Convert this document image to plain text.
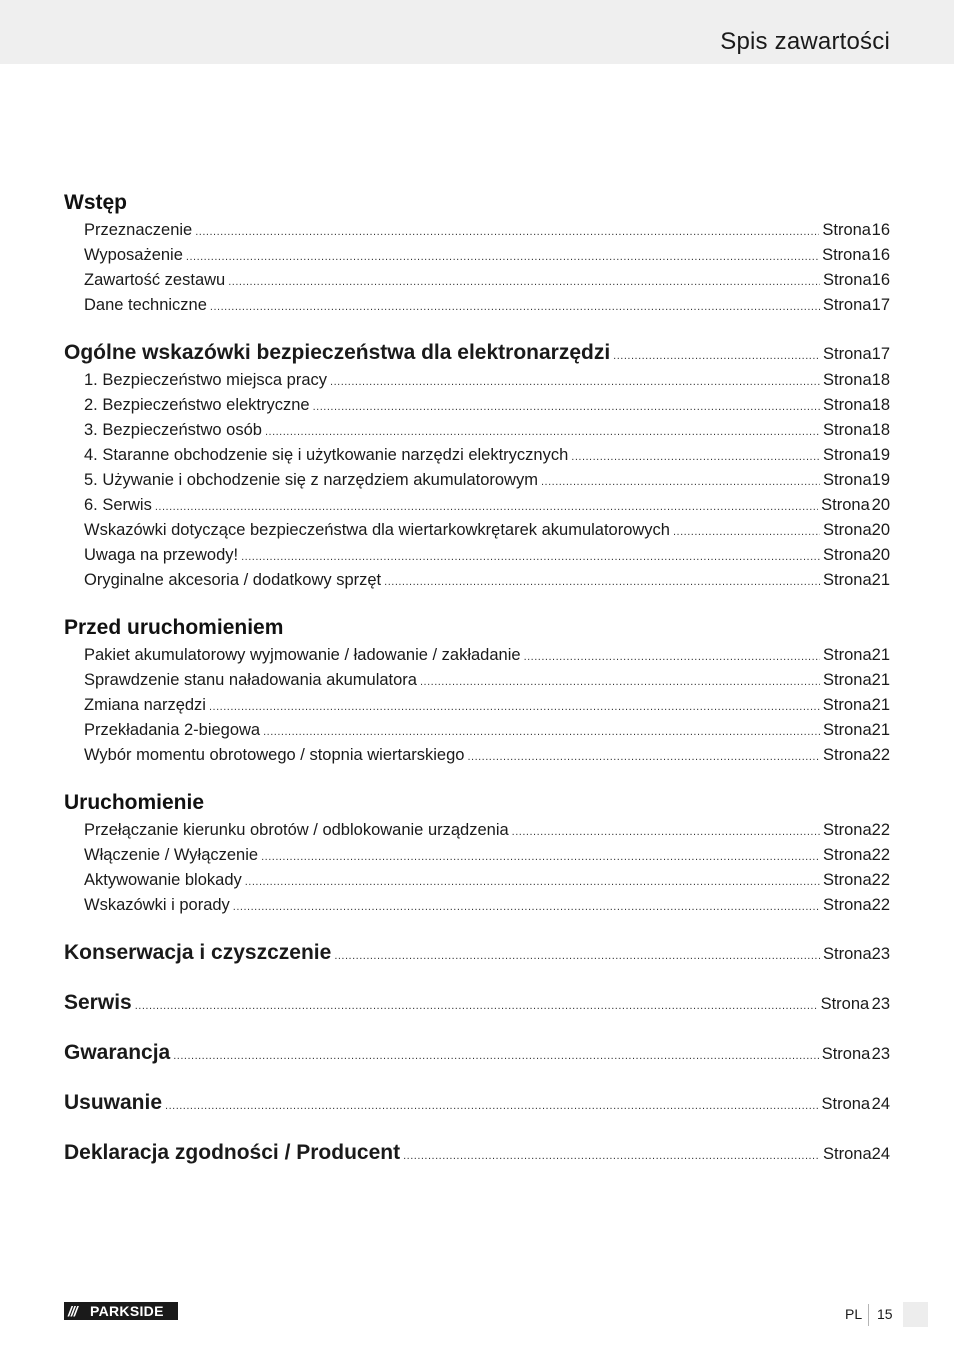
Spis zawartości
Wstęp
Przeznaczenie .....	Strona 16
Wyposażenie .....	Strona 16
Zawartość zestawu .....	Strona 16
Dane techniczne .....	Strona 17
Ogólne wskazówki bezpieczeństwa dla elektronarzędzi .....	Strona 17
1. Bezpieczeństwo miejsca pracy .....	Strona 18
2. Bezpieczeństwo elektryczne .....	Strona 18
3. Bezpieczeństwo osób .....	Strona 18
4. Staranne obchodzenie się i użytkowanie narzędzi elektrycznych .....	Strona 19
5. Używanie i obchodzenie się z narzędziem akumulatorowym .....	Strona 19
6. Serwis .....	Strona 20
Wskazówki dotyczące bezpieczeństwa dla wiertarkowkrętarek akumulatorowych .....	Strona 20
Uwaga na przewody! .....	Strona 20
Oryginalne akcesoria / dodatkowy sprzęt .....	Strona 21
Przed uruchomieniem
Pakiet akumulatorowy wyjmowanie / ładowanie / zakładanie .....	Strona 21
Sprawdzenie stanu naładowania akumulatora .....	Strona 21
Zmiana narzędzi .....	Strona 21
Przekładania 2-biegowa .....	Strona 21
Wybór momentu obrotowego / stopnia wiertarskiego .....	Strona 22
Uruchomienie
Przełączanie kierunku obrotów / odblokowanie urządzenia .....	Strona 22
Włączenie / Wyłączenie .....	Strona 22
Aktywowanie blokady .....	Strona 22
Wskazówki i porady .....	Strona 22
Konserwacja i czyszczenie .....	Strona 23
Serwis .....	Strona 23
Gwarancja .....	Strona 23
Usuwanie .....	Strona 24
Deklaracja zgodności / Producent .....	Strona 24
/// PARKSIDE	PL 15
